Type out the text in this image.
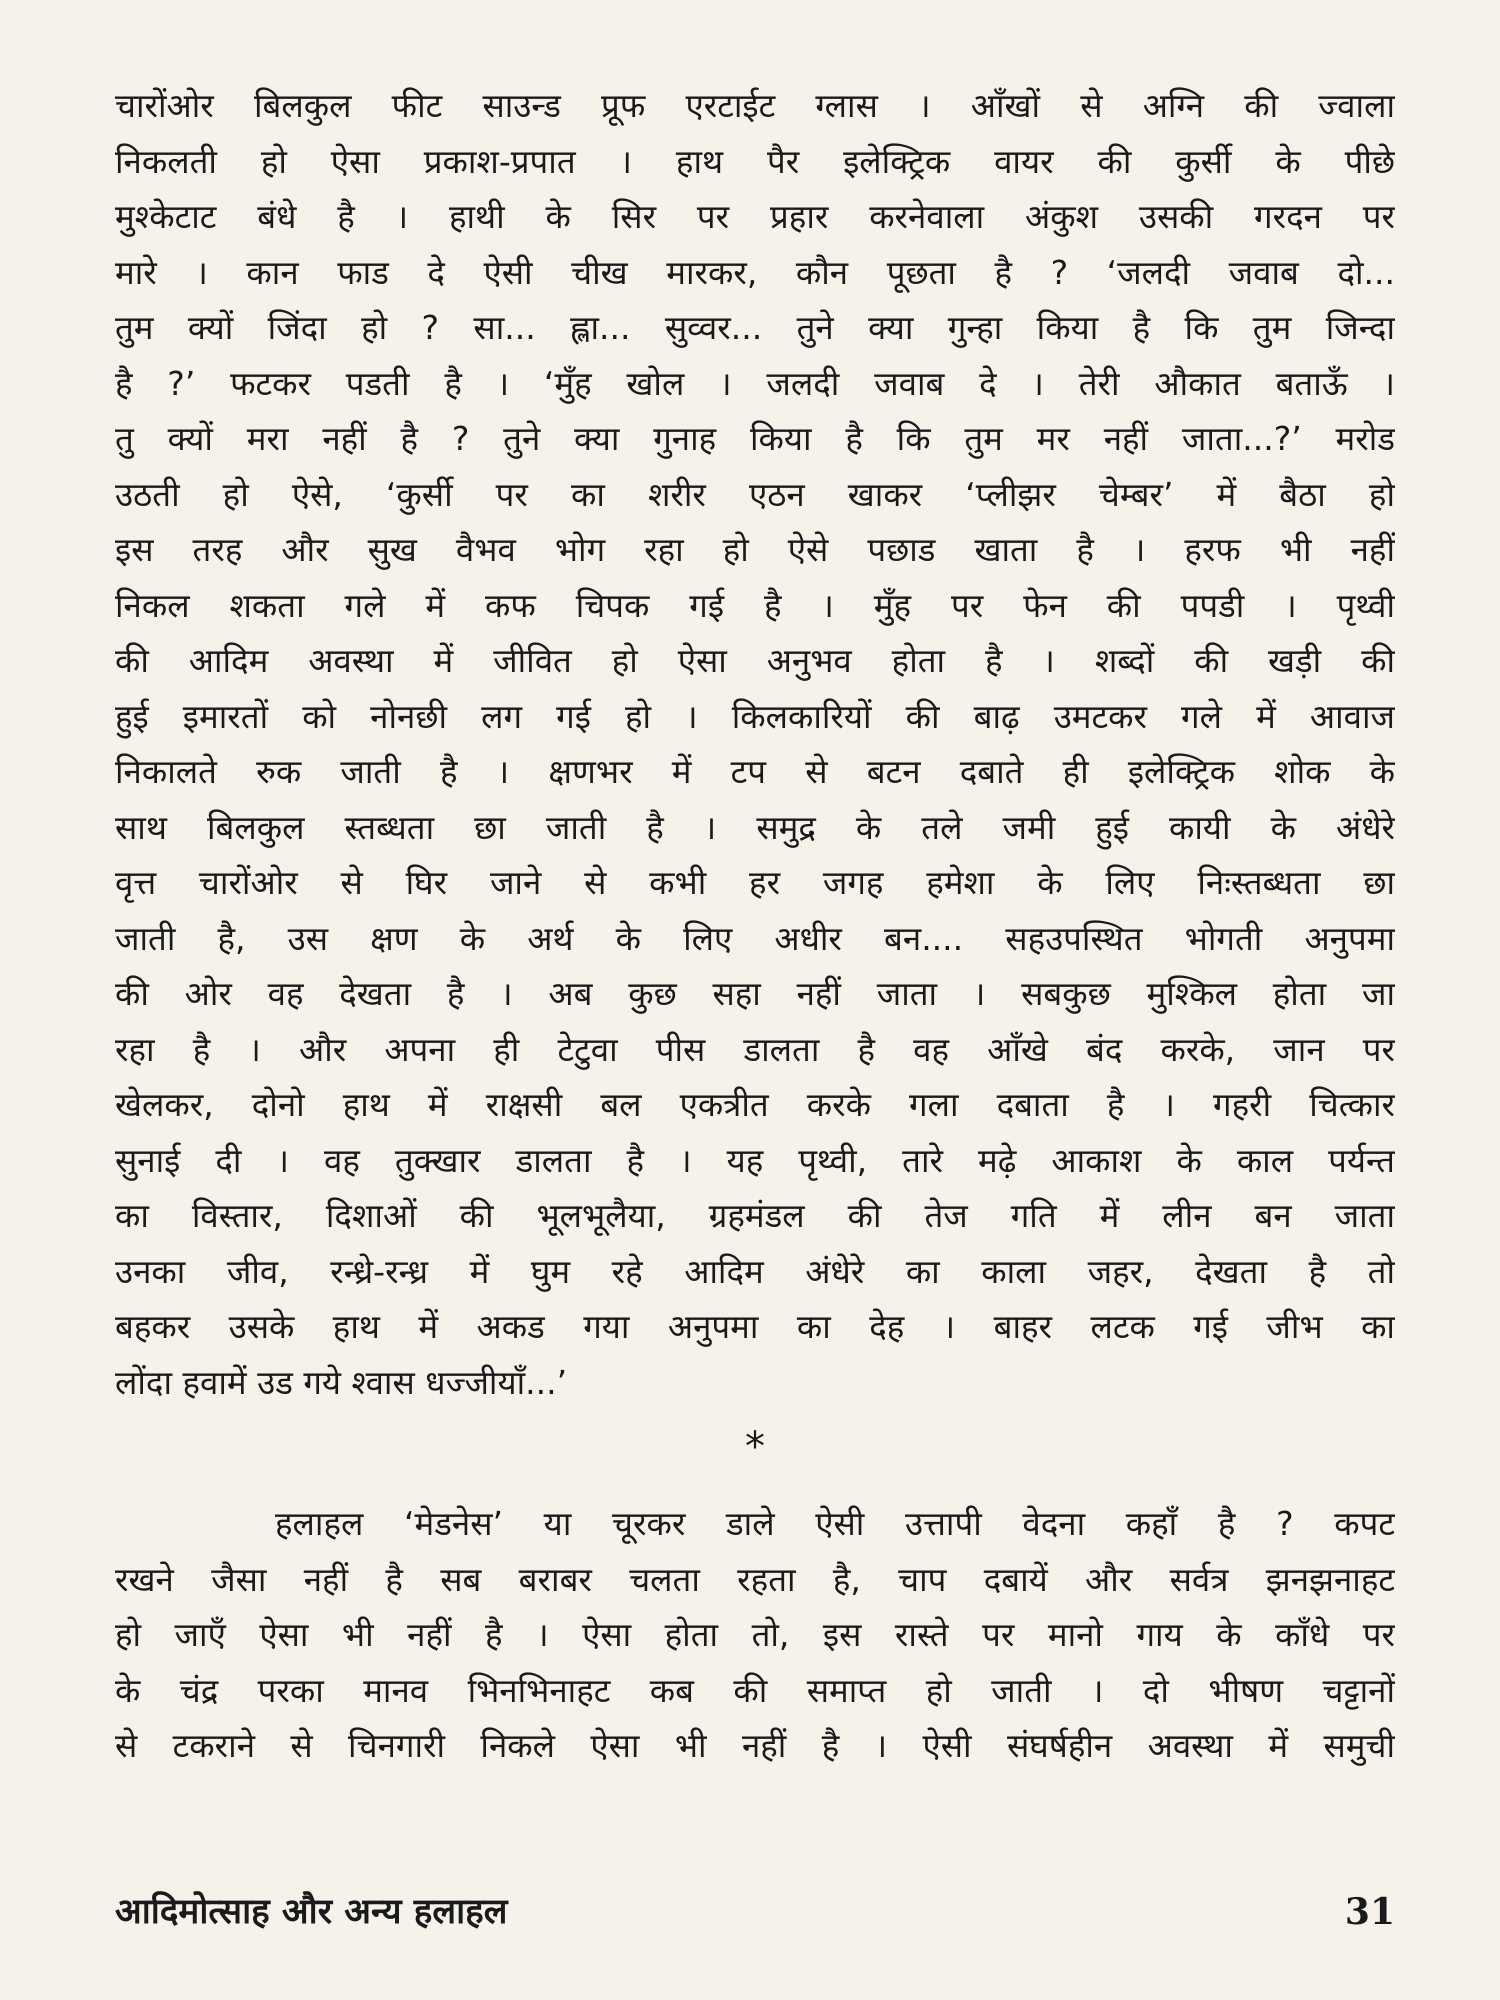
चारोंओर बिलकुल फीट साउन्ड प्रूफ एरटाईट ग्लास । आँखों से अग्नि की ज्वाला
निकलती हो ऐसा प्रकाश-प्रपात । हाथ पैर इलेक्ट्रिक वायर की कुर्सी के पीछे
मुश्केटाट बंधे है । हाथी के सिर पर प्रहार करनेवाला अंकुश उसकी गरदन पर
मारे । कान फाड दे ऐसी चीख मारकर, कौन पूछता है ? ‘जलदी जवाब दो...
तुम क्यों जिंदा हो ? सा... ह्ला... सुव्वर... तुने क्या गुन्हा किया है कि तुम जिन्दा
है ?’ फटकर पडती है । ‘मुँह खोल । जलदी जवाब दे । तेरी औकात बताऊँ ।
तु क्यों मरा नहीं है ? तुने क्या गुनाह किया है कि तुम मर नहीं जाता...?’ मरोड
उठती हो ऐसे, ‘कुर्सी पर का शरीर एठन खाकर ‘प्लीझर चेम्बर’ में बैठा हो
इस तरह और सुख वैभव भोग रहा हो ऐसे पछाड खाता है । हरफ भी नहीं
निकल शकता गले में कफ चिपक गई है । मुँह पर फेन की पपडी । पृथ्वी
की आदिम अवस्था में जीवित हो ऐसा अनुभव होता है । शब्दों की खड़ी की
हुई इमारतों को नोनछी लग गई हो । किलकारियों की बाढ़ उमटकर गले में आवाज
निकालते रुक जाती है । क्षणभर में टप से बटन दबाते ही इलेक्ट्रिक शोक के
साथ बिलकुल स्तब्धता छा जाती है । समुद्र के तले जमी हुई कायी के अंधेरे
वृत्त चारोंओर से घिर जाने से कभी हर जगह हमेशा के लिए निःस्तब्धता छा
जाती है, उस क्षण के अर्थ के लिए अधीर बन.... सहउपस्थित भोगती अनुपमा
की ओर वह देखता है । अब कुछ सहा नहीं जाता । सबकुछ मुश्किल होता जा
रहा है । और अपना ही टेटुवा पीस डालता है वह आँखे बंद करके, जान पर
खेलकर, दोनो हाथ में राक्षसी बल एकत्रीत करके गला दबाता है । गहरी चित्कार
सुनाई दी । वह तुक्खार डालता है । यह पृथ्वी, तारे मढ़े आकाश के काल पर्यन्त
का विस्तार, दिशाओं की भूलभूलैया, ग्रहमंडल की तेज गति में लीन बन जाता
उनका जीव, रन्ध्रे-रन्ध्र में घुम रहे आदिम अंधेरे का काला जहर, देखता है तो
बहकर उसके हाथ में अकड गया अनुपमा का देह । बाहर लटक गई जीभ का
लोंदा हवामें उड गये श्वास धज्जीयाँ...’
*
हलाहल ‘मेडनेस’ या चूरकर डाले ऐसी उत्तापी वेदना कहाँ है ? कपट
रखने जैसा नहीं है सब बराबर चलता रहता है, चाप दबायें और सर्वत्र झनझनाहट
हो जाएँ ऐसा भी नहीं है । ऐसा होता तो, इस रास्ते पर मानो गाय के काँधे पर
के चंद्र परका मानव भिनभिनाहट कब की समाप्त हो जाती । दो भीषण चट्टानों
से टकराने से चिनगारी निकले ऐसा भी नहीं है । ऐसी संघर्षहीन अवस्था में समुची
आदिमोत्साह और अन्य हलाहल	31
